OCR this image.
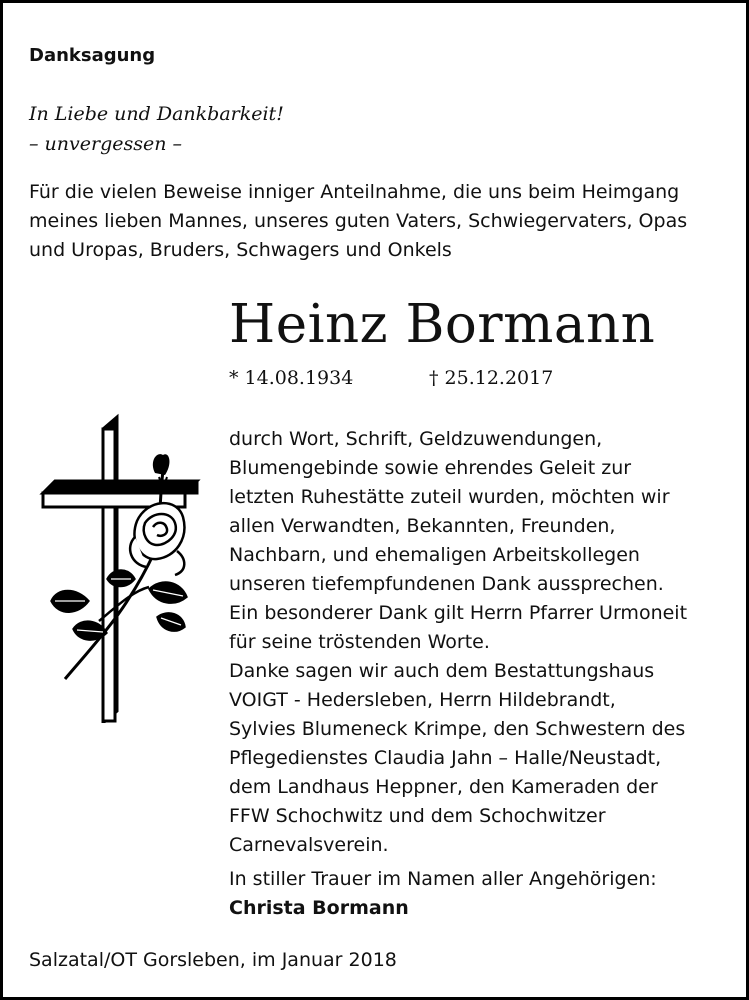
Danksagung

In Liebe und Dankbarkeit!
– unvergessen –
Für die vielen Beweise inniger Anteilnahme, die uns beim Heimgang
meines lieben Mannes, unseres guten Vaters, Schwiegervaters, Opas
und Uropas, Bruders, Schwagers und Onkels
Heinz Bormann
* 14.08.1934	† 25.12.2017
durch Wort, Schrift, Geldzuwendungen,
Blumengebinde sowie ehrendes Geleit zur
letzten Ruhestätte zuteil wurden, möchten wir
allen Verwandten, Bekannten, Freunden,
Nachbarn, und ehemaligen Arbeitskollegen
unseren tiefempfundenen Dank aussprechen.
Ein besonderer Dank gilt Herrn Pfarrer Urmoneit
für seine tröstenden Worte.
Danke sagen wir auch dem Bestattungshaus
VOIGT - Hedersleben, Herrn Hildebrandt,
Sylvies Blumeneck Krimpe, den Schwestern des
Pflegedienstes Claudia Jahn – Halle/Neustadt,
dem Landhaus Heppner, den Kameraden der
FFW Schochwitz und dem Schochwitzer
Carnevalsverein.
In stiller Trauer im Namen aller Angehörigen:
Christa Bormann

Salzatal/OT Gorsleben, im Januar 2018
